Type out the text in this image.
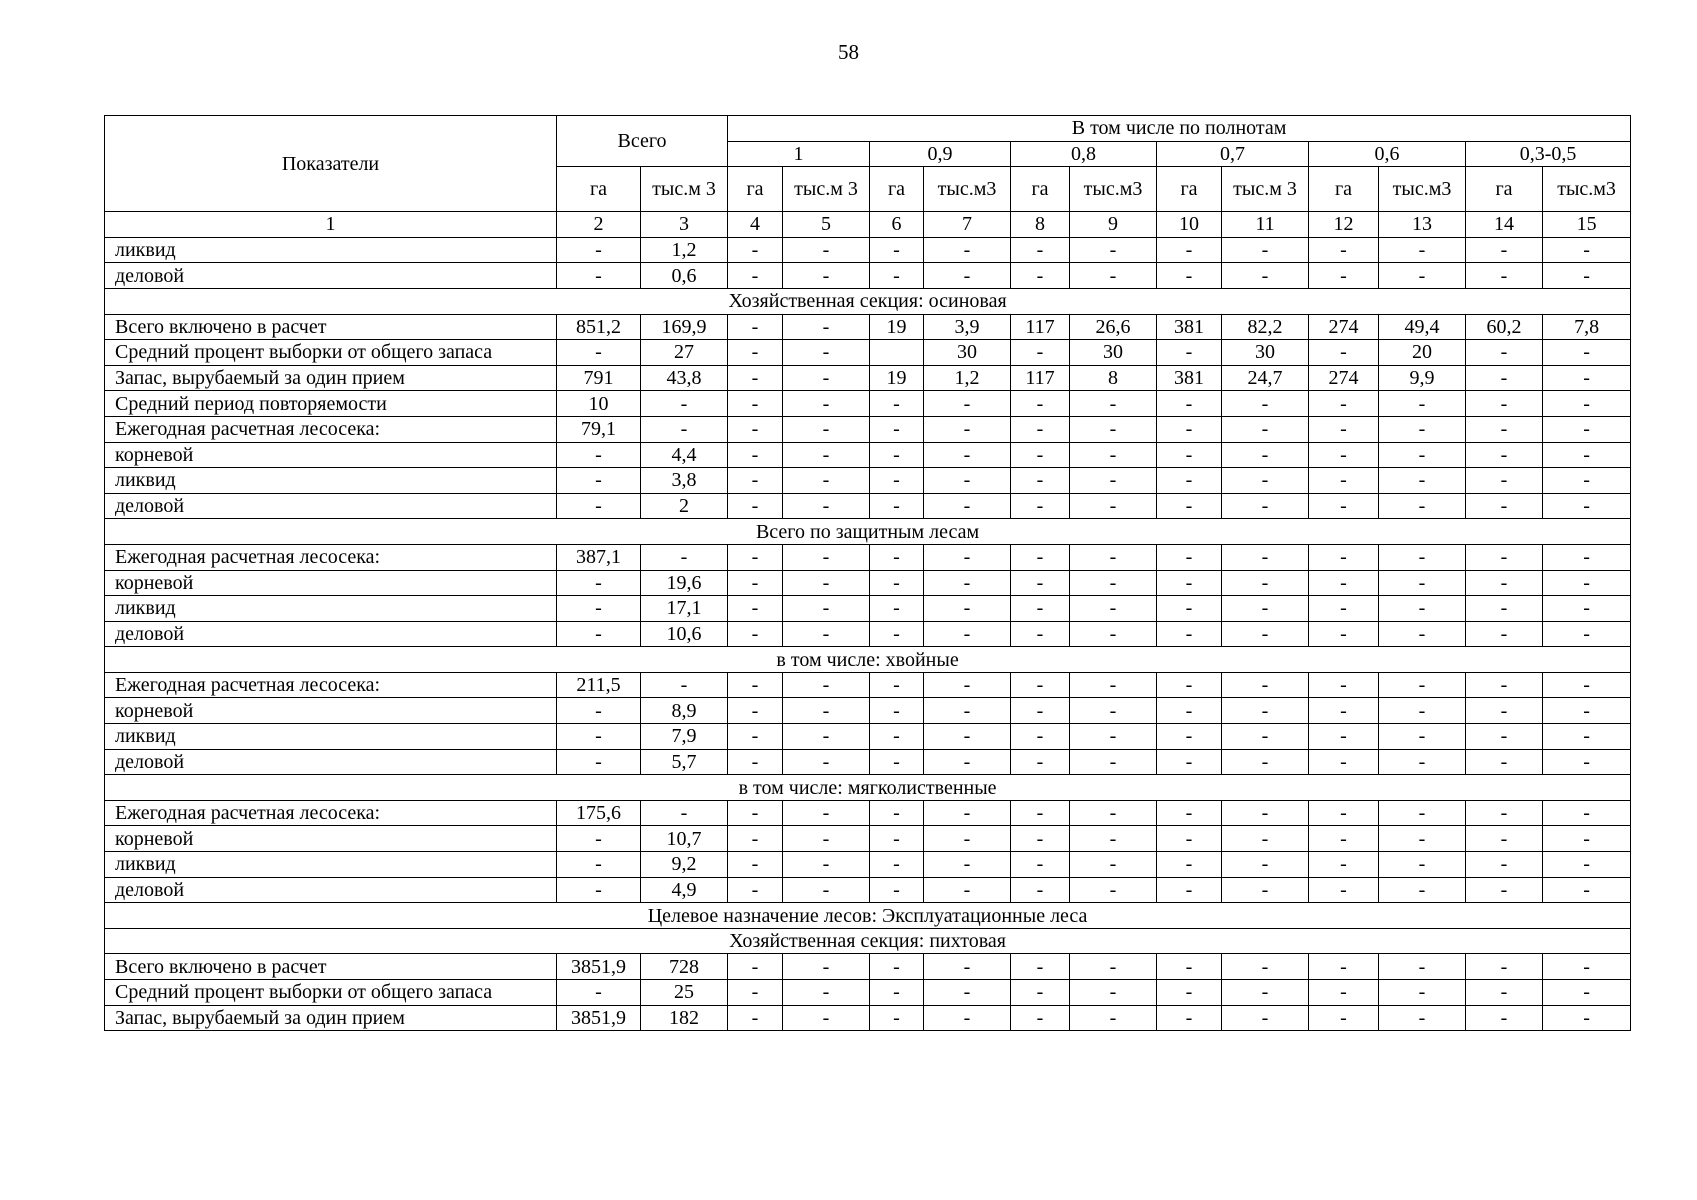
58
Показатели	Всего		В том числе по полнотам											
			1		0,9		0,8		0,7		0,6		0,3-0,5	
	га	тыс.м 3	га	тыс.м 3	га	тыс.м3	га	тыс.м3	га	тыс.м 3	га	тыс.м3	га	тыс.м3
1	2	3	4	5	6	7	8	9	10	11	12	13	14	15
ликвид	-	1,2	-	-	-	-	-	-	-	-	-	-	-	-
деловой	-	0,6	-	-	-	-	-	-	-	-	-	-	-	-
Хозяйственная секция: осиновая														
Всего включено в расчет	851,2	169,9	-	-	19	3,9	117	26,6	381	82,2	274	49,4	60,2	7,8
Средний процент выборки от общего запаса	-	27	-	-		30	-	30	-	30	-	20	-	-
Запас, вырубаемый за один прием	791	43,8	-	-	19	1,2	117	8	381	24,7	274	9,9	-	-
Средний период повторяемости	10	-	-	-	-	-	-	-	-	-	-	-	-	-
Ежегодная расчетная лесосека:	79,1	-	-	-	-	-	-	-	-	-	-	-	-	-
корневой	-	4,4	-	-	-	-	-	-	-	-	-	-	-	-
ликвид	-	3,8	-	-	-	-	-	-	-	-	-	-	-	-
деловой	-	2	-	-	-	-	-	-	-	-	-	-	-	-
Всего по защитным лесам														
Ежегодная расчетная лесосека:	387,1	-	-	-	-	-	-	-	-	-	-	-	-	-
корневой	-	19,6	-	-	-	-	-	-	-	-	-	-	-	-
ликвид	-	17,1	-	-	-	-	-	-	-	-	-	-	-	-
деловой	-	10,6	-	-	-	-	-	-	-	-	-	-	-	-
в том числе: хвойные														
Ежегодная расчетная лесосека:	211,5	-	-	-	-	-	-	-	-	-	-	-	-	-
корневой	-	8,9	-	-	-	-	-	-	-	-	-	-	-	-
ликвид	-	7,9	-	-	-	-	-	-	-	-	-	-	-	-
деловой	-	5,7	-	-	-	-	-	-	-	-	-	-	-	-
в том числе: мягколиственные														
Ежегодная расчетная лесосека:	175,6	-	-	-	-	-	-	-	-	-	-	-	-	-
корневой	-	10,7	-	-	-	-	-	-	-	-	-	-	-	-
ликвид	-	9,2	-	-	-	-	-	-	-	-	-	-	-	-
деловой	-	4,9	-	-	-	-	-	-	-	-	-	-	-	-
Целевое назначение лесов: Эксплуатационные леса														
Хозяйственная секция: пихтовая														
Всего включено в расчет	3851,9	728	-	-	-	-	-	-	-	-	-	-	-	-
Средний процент выборки от общего запаса	-	25	-	-	-	-	-	-	-	-	-	-	-	-
Запас, вырубаемый за один прием	3851,9	182	-	-	-	-	-	-	-	-	-	-	-	-
